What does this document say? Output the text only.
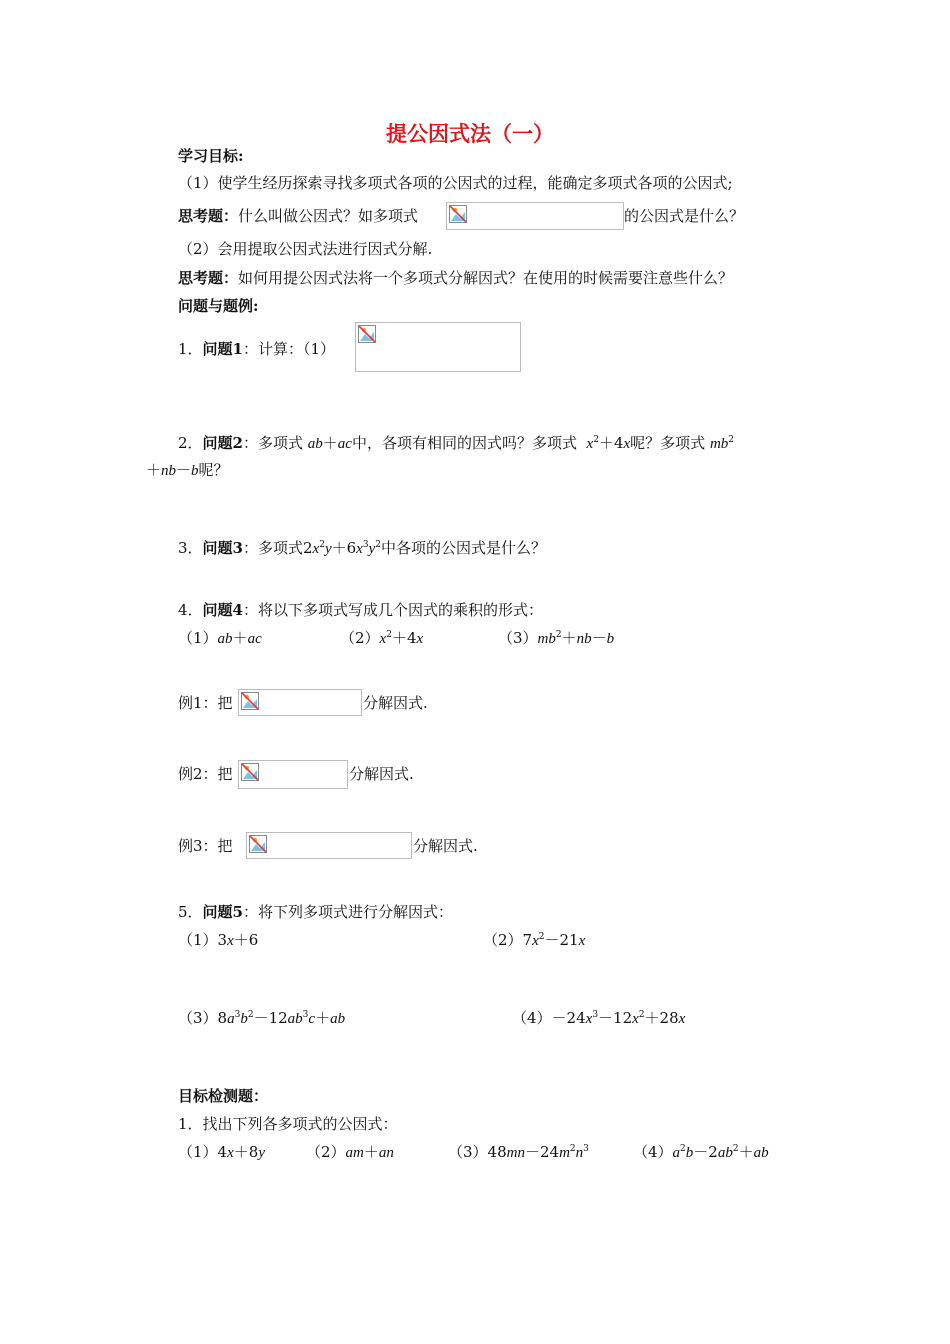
提公因式法（一）
学习目标:
（1）使学生经历探索寻找多项式各项的公因式的过程，能确定多项式各项的公因式;
思考题：什么叫做公因式？如多项式	的公因式是什么？
（2）会用提取公因式法进行因式分解.
思考题：如何用提公因式法将一个多项式分解因式？在使用的时候需要注意些什么？
问题与题例:
1．问题1：计算：（1）
2．问题2：多项式 ab＋ac中，各项有相同的因式吗？多项式 $x^2+4x$呢？多项式 $mb^2$
＋nb－b呢？
3．问题3：多项式$2x^2y+6x^3y^2$中各项的公因式是什么？
4．问题4：将以下多项式写成几个因式的乘积的形式：
（1）ab＋ac	$(2)x^2+4x$	$(3)mb^2+nb-b$
例1：把	分解因式.
例2：把	分解因式.
例3：把	分解因式.
5．问题5：将下列多项式进行分解因式：
（1）3x＋6	$(2)7x^2-21x$
$(3)8a^3b^2-12ab^3c+ab$	$(4)-24x^3-12x^2+28x$
目标检测题：
1．找出下列各多项式的公因式：
（1）4x＋8y	（2）am＋an	$(3)48mn-24m^2n^3$	$(4)a^2b-2ab^2+ab$
